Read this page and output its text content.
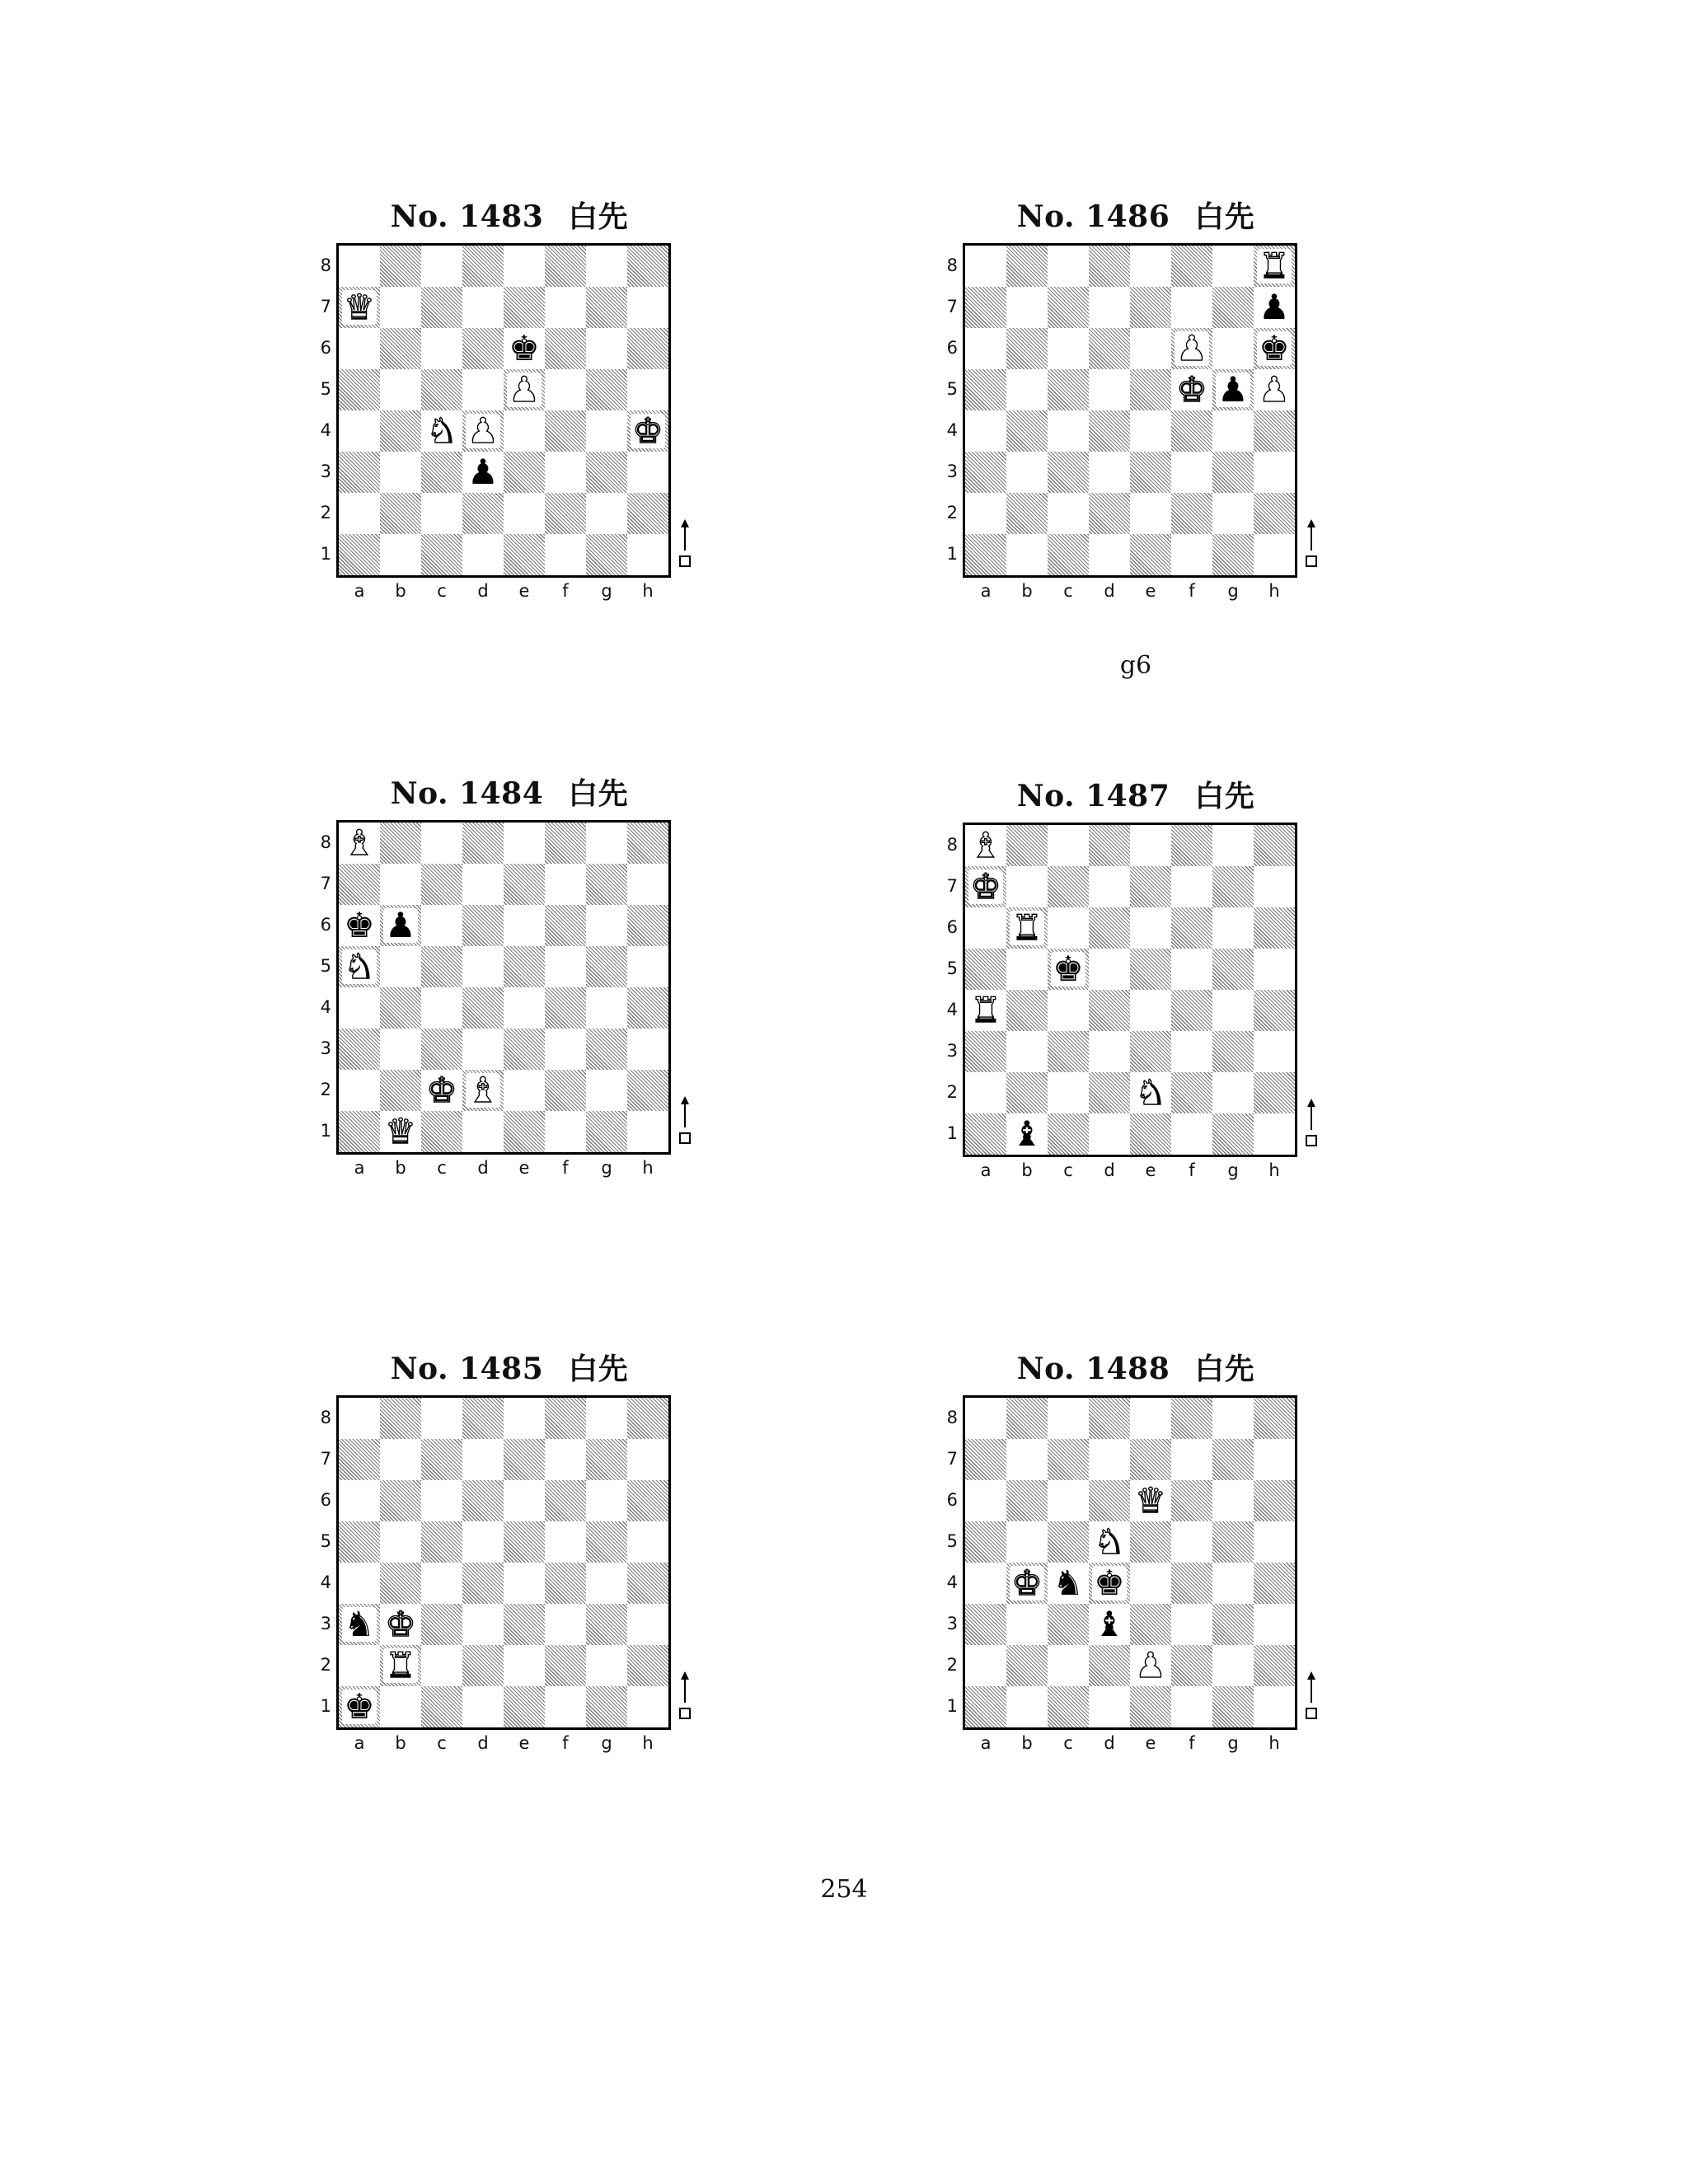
No. 1483 白先
♛
♚
♟
♞ ♟	♚
♟
8
7
6
5
4
3
2
1
a	b	c	d	e	f	g	h
No. 1486 白先
♜
♟
♟ ♚
♚ ♟ ♟
8
7
6
5
4
3
2
1
a	b	c	d	e	f	g	h
g6
No. 1484 白先
♝
♚ ♟
♞
♚ ♝
♛
8
7
6
5
4
3
2
1
a	b	c	d	e	f	g	h
No. 1487 白先
♝
♚
♜
♚
♜
♞
♝
8
7
6
5
4
3
2
1
a	b	c	d	e	f	g	h
No. 1485 白先
♞ ♚
♜
♚
8
7
6
5
4
3
2
1
a	b	c	d	e	f	g	h
No. 1488 白先
♛
♞
♚ ♞ ♚
♝
♟
8
7
6
5
4
3
2
1
a	b	c	d	e	f	g	h
254
